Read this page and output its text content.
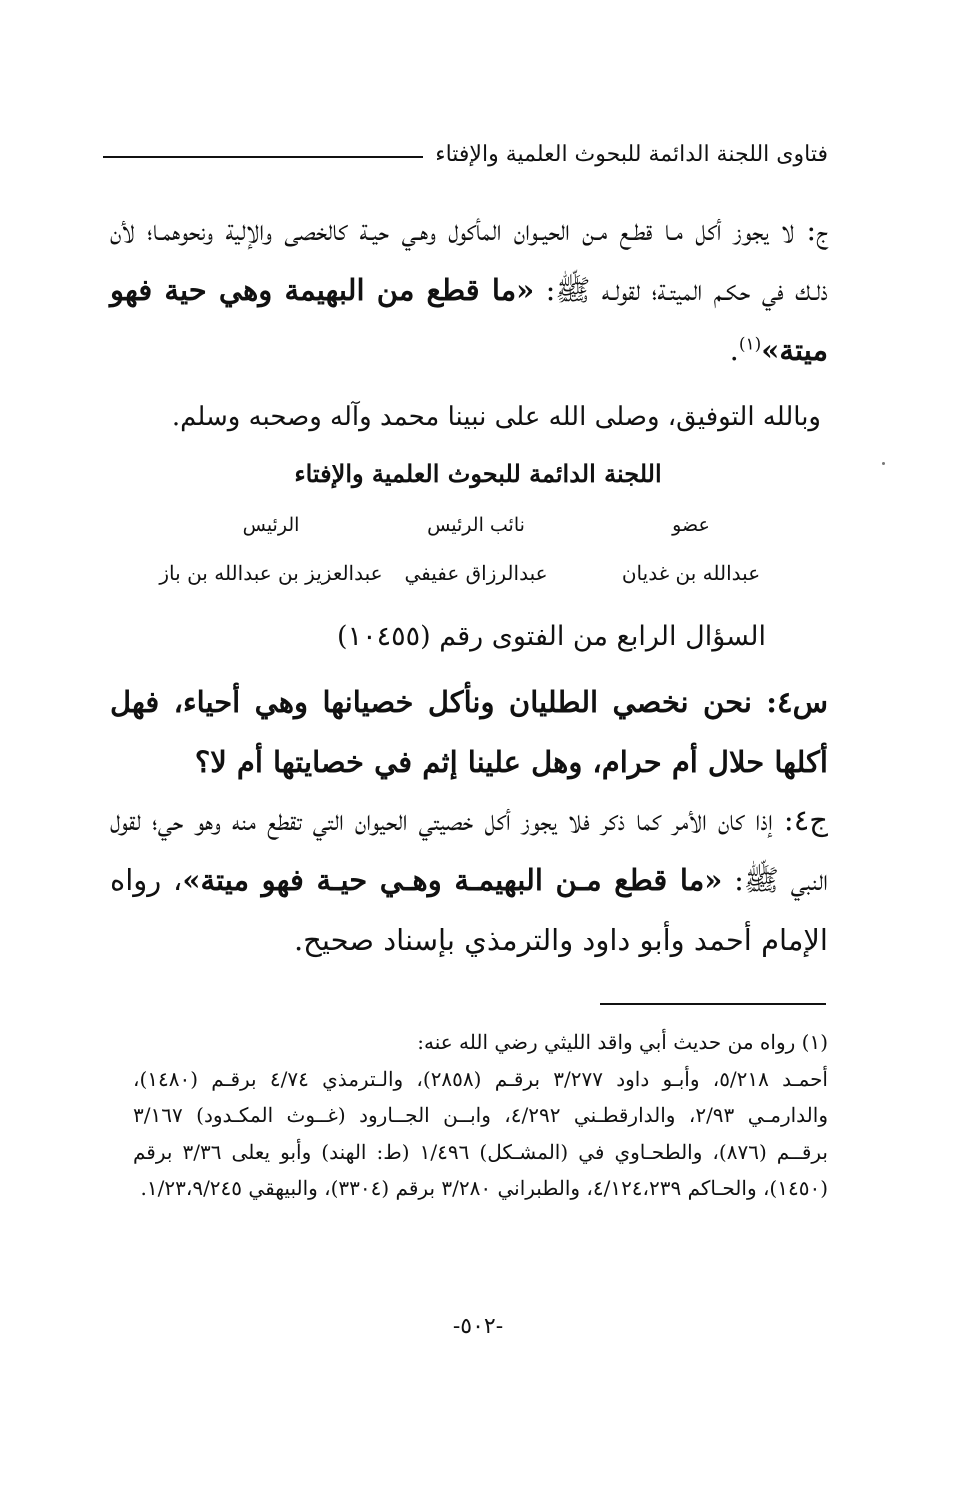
فتاوى اللجنة الدائمة للبحوث العلمية والإفتاء
ج: لا يجوز أكل مـا قطـع مـن الحيـوان المأكول وهـي حيـة كالخصى والإلية ونحوهمـا؛ لأن ذلـك في حكـم الميتـة؛ لقولـه ﷺ: «ما قطع من البهيمة وهي حية فهو ميتة»$^{(١)}$.
وبالله التوفيق، وصلى الله على نبينا محمد وآله وصحبه وسلم.
اللجنة الدائمة للبحوث العلمية والإفتاء
عضو
عبدالله بن غديان
نائب الرئيس
عبدالرزاق عفيفي
الرئيس
عبدالعزيز بن عبدالله بن باز
السؤال الرابع من الفتوى رقم (١٠٤٥٥)
س٤: نحن نخصي الطليان ونأكل خصيانها وهي أحياء، فهل أكلها حلال أم حرام، وهل علينا إثم في خصايتها أم لا؟
ج٤: إذا كان الأمر كما ذكر فلا يجوز أكل خصيتي الحيوان التي تقطع منه وهو حي؛ لقول النبي ﷺ: «ما قطع مـن البهيمـة وهـي حيـة فهو ميتة»، رواه الإمام أحمد وأبو داود والترمذي بإسناد صحيح.
(١) رواه من حديث أبي واقد الليثي رضي الله عنه:
أحمـد ٥/٢١٨، وأبـو داود ٣/٢٧٧ برقـم (٢٨٥٨)، والـترمذي ٤/٧٤ برقـم (١٤٨٠)، والدارمـي ٢/٩٣، والدارقطـني ٤/٢٩٢، وابــن الجــارود (غــوث المكـدود) ٣/١٦٧ برقــم (٨٧٦)، والطحـاوي في (المشـكل) ١/٤٩٦ (ط: الهند) وأبو يعلى ٣/٣٦ برقم (١٤٥٠)، والحـاكم ٤/١٢٤،٢٣٩، والطبراني ٣/٢٨٠ برقم (٣٣٠٤)، والبيهقي ١/٢٣،٩/٢٤٥.
-٥٠٢-
